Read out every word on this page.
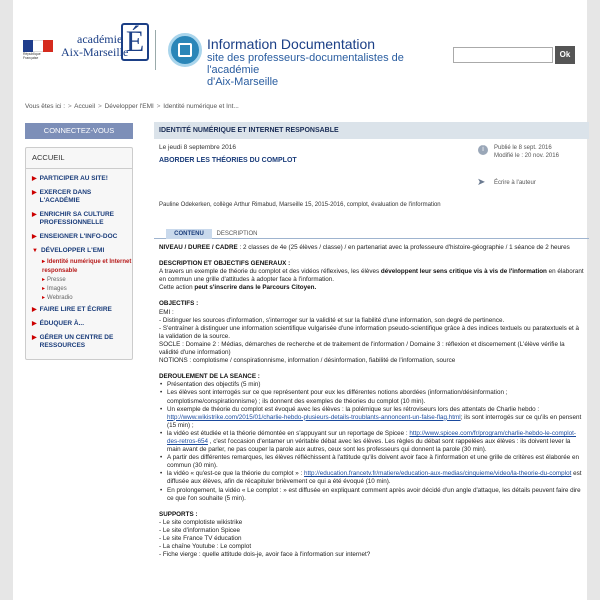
République Française
académie
Aix-Marseille
É	Information Documentation
site des professeurs-documentalistes de l'académie
d'Aix-Marseille
Ok
Vous êtes ici : > Accueil > Développer l'EMI > Identité numérique et Int...
CONNECTEZ-VOUS
ACCUEIL
▶ PARTICIPER AU SITE!
▶ EXERCER DANS L'ACADÉMIE
▶ ENRICHIR SA CULTURE PROFESSIONNELLE
▶ ENSEIGNER L'INFO-DOC
▼ DÉVELOPPER L'EMI
▸ Identité numérique et Internet responsable
▸ Presse
▸ Images
▸ Webradio
▶ FAIRE LIRE ET ÉCRIRE
▶ ÉDUQUER À...
▶ GÉRER UN CENTRE DE RESSOURCES
IDENTITÉ NUMÉRIQUE ET INTERNET RESPONSABLE
Le jeudi 8 septembre 2016
ABORDER LES THÉORIES DU COMPLOT
i	Publié le 8 sept. 2016
Modifié le : 20 nov. 2016
➤	Écrire à l'auteur
Pauline Odekerken, collège Arthur Rimabud, Marseille 15, 2015-2016, complot, évaluation de l'information
CONTENU	DESCRIPTION

NIVEAU / DUREE / CADRE : 2 classes de 4e (25 élèves / classe) / en partenariat avec la professeure d'histoire-géographie / 1 séance de 2 heures

DESCRIPTION ET OBJECTIFS GENERAUX :

A travers un exemple de théorie du complot et des vidéos réflexives, les élèves développent leur sens critique vis à vis de l'information en élaborant en commun une grille d'attitudes à adopter face à l'information.

Cette action peut s'inscrire dans le Parcours Citoyen.

OBJECTIFS :

EMI :

- Distinguer les sources d'information, s'interroger sur la validité et sur la fiabilité d'une information, son degré de pertinence.

- S'entraîner à distinguer une information scientifique vulgarisée d'une information pseudo-scientifique grâce à des indices textuels ou paratextuels et à la validation de la source.

SOCLE : Domaine 2 : Médias, démarches de recherche et de traitement de l'information / Domaine 3 : réflexion et discernement (L'élève vérifie la validité d'une information)

NOTIONS : complotisme / conspirationnisme, information / désinformation, fiabilité de l'information, source

DEROULEMENT DE LA SEANCE :

• Présentation des objectifs (5 min)
• Les élèves sont interrogés sur ce que représentent pour eux les différentes notions abordées (information/désinformation ; complotisme/conspirationnisme) ; ils donnent des exemples de théories du complot (10 min).
• Un exemple de théorie du complot est évoqué avec les élèves : la polémique sur les rétroviseurs lors des attentats de Charlie hebdo : http://www.wikistrike.com/2015/01/charlie-hebdo-plusieurs-details-troublants-annoncent-un-false-flag.html; ils sont interrogés sur ce qu'ils en pensent (15 min) ;
• la vidéo est étudiée et la théorie démontée en s'appuyant sur un reportage de Spicee : http://www.spicee.com/fr/program/charlie-hebdo-le-complot-des-retros-654 , c'est l'occasion d'entamer un véritable débat avec les élèves. Les règles du débat sont rappelées aux élèves : ils doivent lever la main avant de parler, ne pas couper la parole aux autres, ceux sont les professeurs qui donnent la parole (30 min).
• A partir des différentes remarques, les élèves réfléchissent à l'attitude qu'ils doivent avoir face à l'information et une grille de critères est élaborée en commun (30 min).
• la vidéo « qu'est-ce que la théorie du complot » : http://education.francetv.fr/matiere/education-aux-medias/cinquieme/video/la-theorie-du-complot est diffusée aux élèves, afin de récapituler brièvement ce qui a été évoqué (10 min).
• En prolongement, la vidéo « Le complot : » est diffusée en expliquant comment après avoir décidé d'un angle d'attaque, les détails peuvent faire dire ce que l'on souhaite (5 min).

SUPPORTS :

- Le site complotiste wikistrike

- Le site d'information Spicee

- Le site France TV éducation

- La chaîne Youtube : Le complot

- Fiche vierge : quelle attitude dois-je, avoir face à l'information sur internet?
